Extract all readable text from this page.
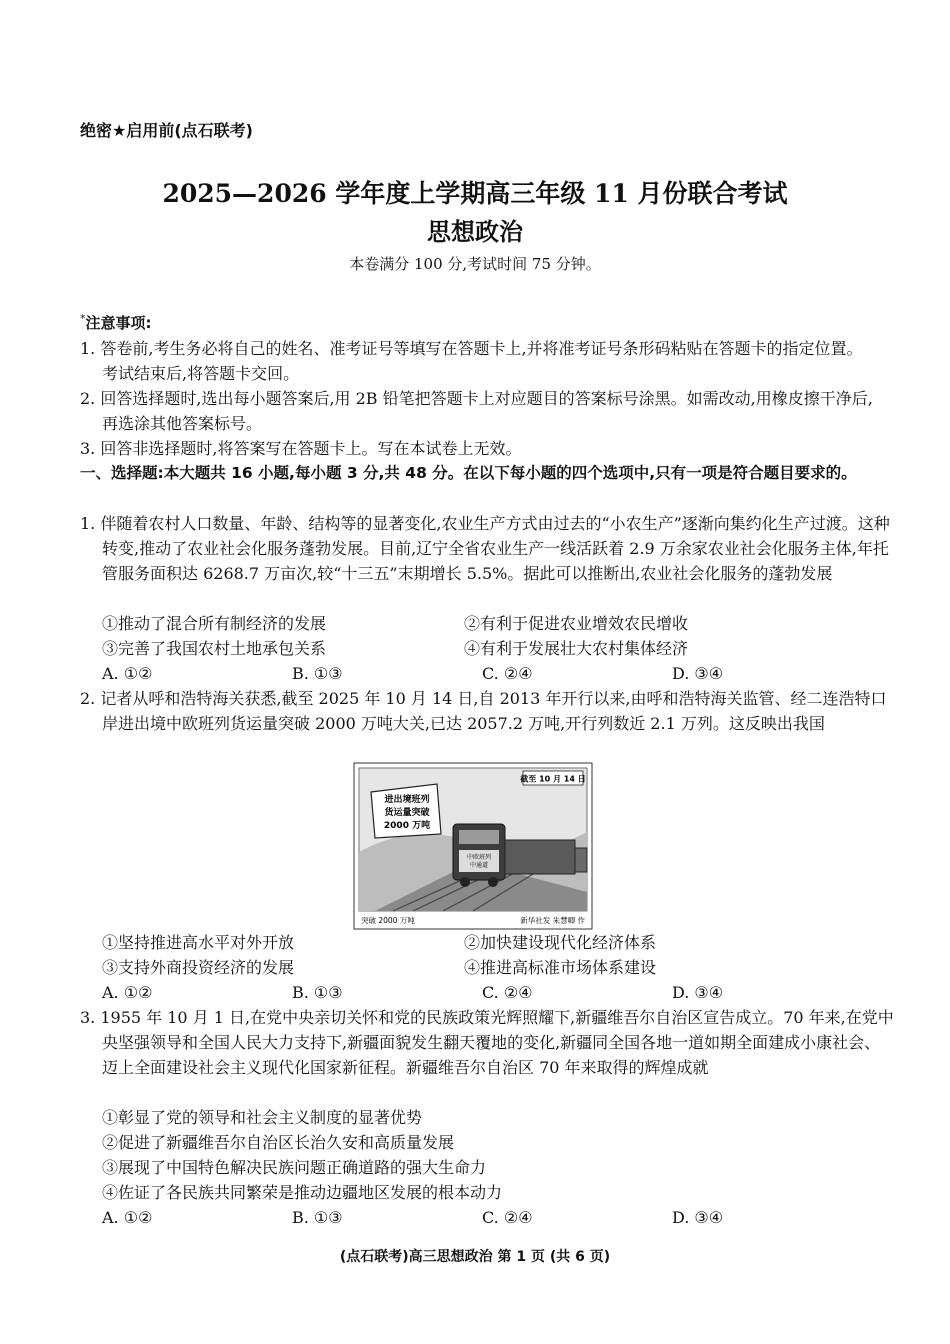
绝密★启用前(点石联考)
2025—2026 学年度上学期高三年级 11 月份联合考试
思想政治
本卷满分 100 分,考试时间 75 分钟。
*注意事项:
1. 答卷前,考生务必将自己的姓名、准考证号等填写在答题卡上,并将准考证号条形码粘贴在答题卡的指定位置。考试结束后,将答题卡交回。
2. 回答选择题时,选出每小题答案后,用 2B 铅笔把答题卡上对应题目的答案标号涂黑。如需改动,用橡皮擦干净后,再选涂其他答案标号。
3. 回答非选择题时,将答案写在答题卡上。写在本试卷上无效。
一、选择题:本大题共 16 小题,每小题 3 分,共 48 分。在以下每小题的四个选项中,只有一项是符合题目要求的。
1. 伴随着农村人口数量、年龄、结构等的显著变化,农业生产方式由过去的“小农生产”逐渐向集约化生产过渡。这种转变,推动了农业社会化服务蓬勃发展。目前,辽宁全省农业生产一线活跃着 2.9 万余家农业社会化服务主体,年托管服务面积达 6268.7 万亩次,较“十三五”末期增长 5.5%。据此可以推断出,农业社会化服务的蓬勃发展
①推动了混合所有制经济的发展	②有利于促进农业增效农民增收
③完善了我国农村土地承包关系	④有利于发展壮大农村集体经济
A. ①②	B. ①③	C. ②④	D. ③④
2. 记者从呼和浩特海关获悉,截至 2025 年 10 月 14 日,自 2013 年开行以来,由呼和浩特海关监管、经二连浩特口岸进出境中欧班列货运量突破 2000 万吨大关,已达 2057.2 万吨,开行列数近 2.1 万列。这反映出我国
截至 10 月 14 日
进出境班列
货运量突破
2000 万吨
中欧班列
中通道
突破 2000 万吨	新华社发 朱慧卿 作
①坚持推进高水平对外开放	②加快建设现代化经济体系
③支持外商投资经济的发展	④推进高标准市场体系建设
A. ①②	B. ①③	C. ②④	D. ③④
3. 1955 年 10 月 1 日,在党中央亲切关怀和党的民族政策光辉照耀下,新疆维吾尔自治区宣告成立。70 年来,在党中央坚强领导和全国人民大力支持下,新疆面貌发生翻天覆地的变化,新疆同全国各地一道如期全面建成小康社会、迈上全面建设社会主义现代化国家新征程。新疆维吾尔自治区 70 年来取得的辉煌成就
①彰显了党的领导和社会主义制度的显著优势
②促进了新疆维吾尔自治区长治久安和高质量发展
③展现了中国特色解决民族问题正确道路的强大生命力
④佐证了各民族共同繁荣是推动边疆地区发展的根本动力
A. ①②	B. ①③	C. ②④	D. ③④
(点石联考)高三思想政治 第 1 页 (共 6 页)
